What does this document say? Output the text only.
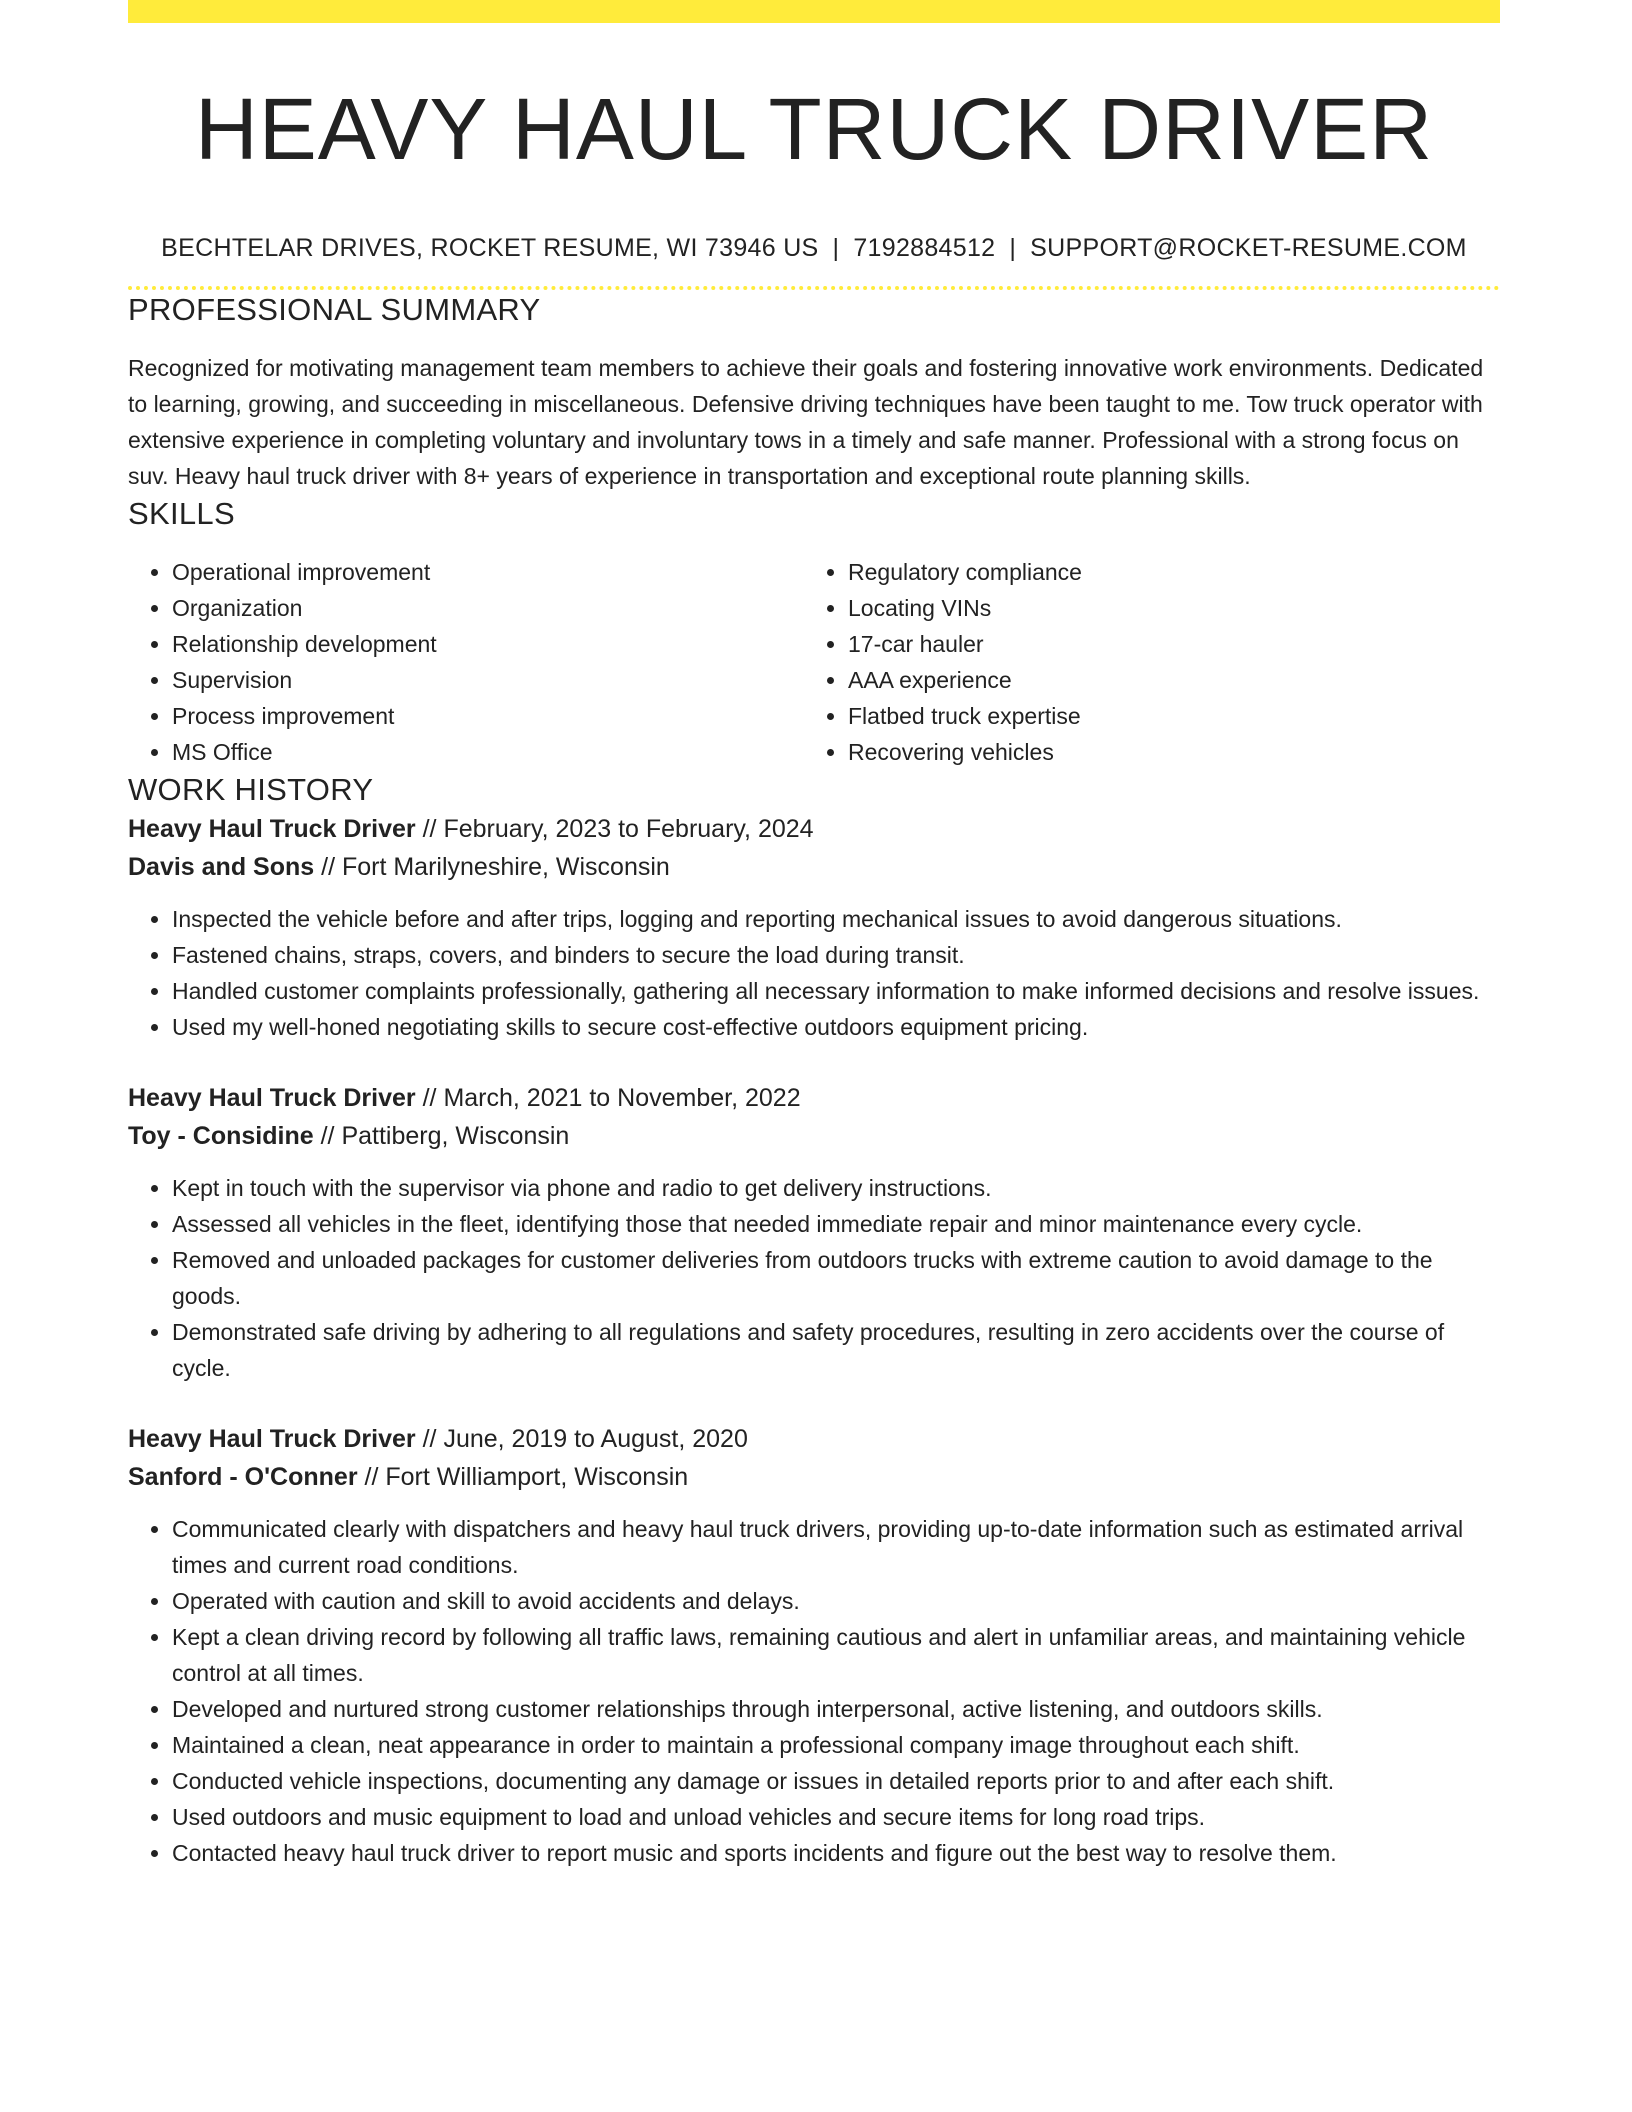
HEAVY HAUL TRUCK DRIVER
BECHTELAR DRIVES, ROCKET RESUME, WI 73946 US | 7192884512 | SUPPORT@ROCKET-RESUME.COM
PROFESSIONAL SUMMARY

Recognized for motivating management team members to achieve their goals and fostering innovative work environments. Dedicated to learning, growing, and succeeding in miscellaneous. Defensive driving techniques have been taught to me. Tow truck operator with extensive experience in completing voluntary and involuntary tows in a timely and safe manner. Professional with a strong focus on suv. Heavy haul truck driver with 8+ years of experience in transportation and exceptional route planning skills.

SKILLS
• Operational improvement
• Organization
• Relationship development
• Supervision
• Process improvement
• MS Office
• Regulatory compliance
• Locating VINs
• 17-car hauler
• AAA experience
• Flatbed truck expertise
• Recovering vehicles
WORK HISTORY
Heavy Haul Truck Driver // February, 2023 to February, 2024
Davis and Sons // Fort Marilyneshire, Wisconsin
• Inspected the vehicle before and after trips, logging and reporting mechanical issues to avoid dangerous situations.
• Fastened chains, straps, covers, and binders to secure the load during transit.
• Handled customer complaints professionally, gathering all necessary information to make informed decisions and resolve issues.
• Used my well-honed negotiating skills to secure cost-effective outdoors equipment pricing.
Heavy Haul Truck Driver // March, 2021 to November, 2022
Toy - Considine // Pattiberg, Wisconsin
• Kept in touch with the supervisor via phone and radio to get delivery instructions.
• Assessed all vehicles in the fleet, identifying those that needed immediate repair and minor maintenance every cycle.
• Removed and unloaded packages for customer deliveries from outdoors trucks with extreme caution to avoid damage to the goods.
• Demonstrated safe driving by adhering to all regulations and safety procedures, resulting in zero accidents over the course of cycle.
Heavy Haul Truck Driver // June, 2019 to August, 2020
Sanford - O'Conner // Fort Williamport, Wisconsin
• Communicated clearly with dispatchers and heavy haul truck drivers, providing up-to-date information such as estimated arrival times and current road conditions.
• Operated with caution and skill to avoid accidents and delays.
• Kept a clean driving record by following all traffic laws, remaining cautious and alert in unfamiliar areas, and maintaining vehicle control at all times.
• Developed and nurtured strong customer relationships through interpersonal, active listening, and outdoors skills.
• Maintained a clean, neat appearance in order to maintain a professional company image throughout each shift.
• Conducted vehicle inspections, documenting any damage or issues in detailed reports prior to and after each shift.
• Used outdoors and music equipment to load and unload vehicles and secure items for long road trips.
• Contacted heavy haul truck driver to report music and sports incidents and figure out the best way to resolve them.
